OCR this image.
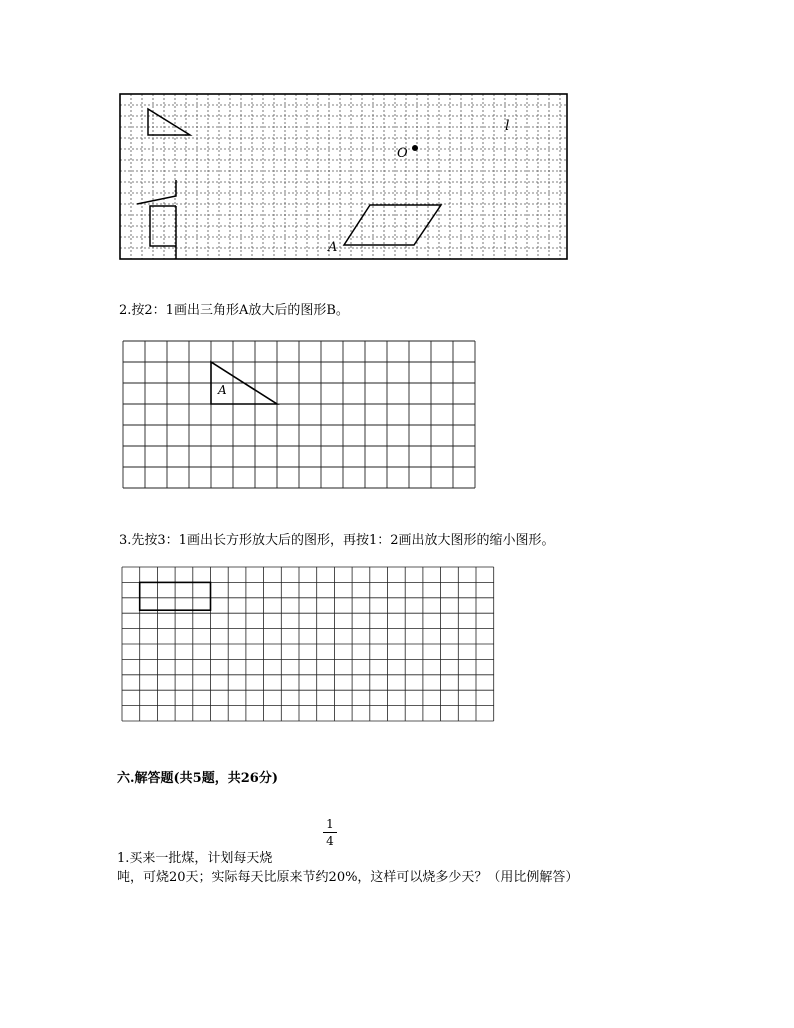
l
O
A
2.按2：1画出三角形A放大后的图形B。
A
3.先按3：1画出长方形放大后的图形，再按1：2画出放大图形的缩小图形。
六.解答题(共5题，共26分)
1
4
1.买来一批煤，计划每天烧
吨，可烧20天；实际每天比原来节约20%，这样可以烧多少天？（用比例解答）
